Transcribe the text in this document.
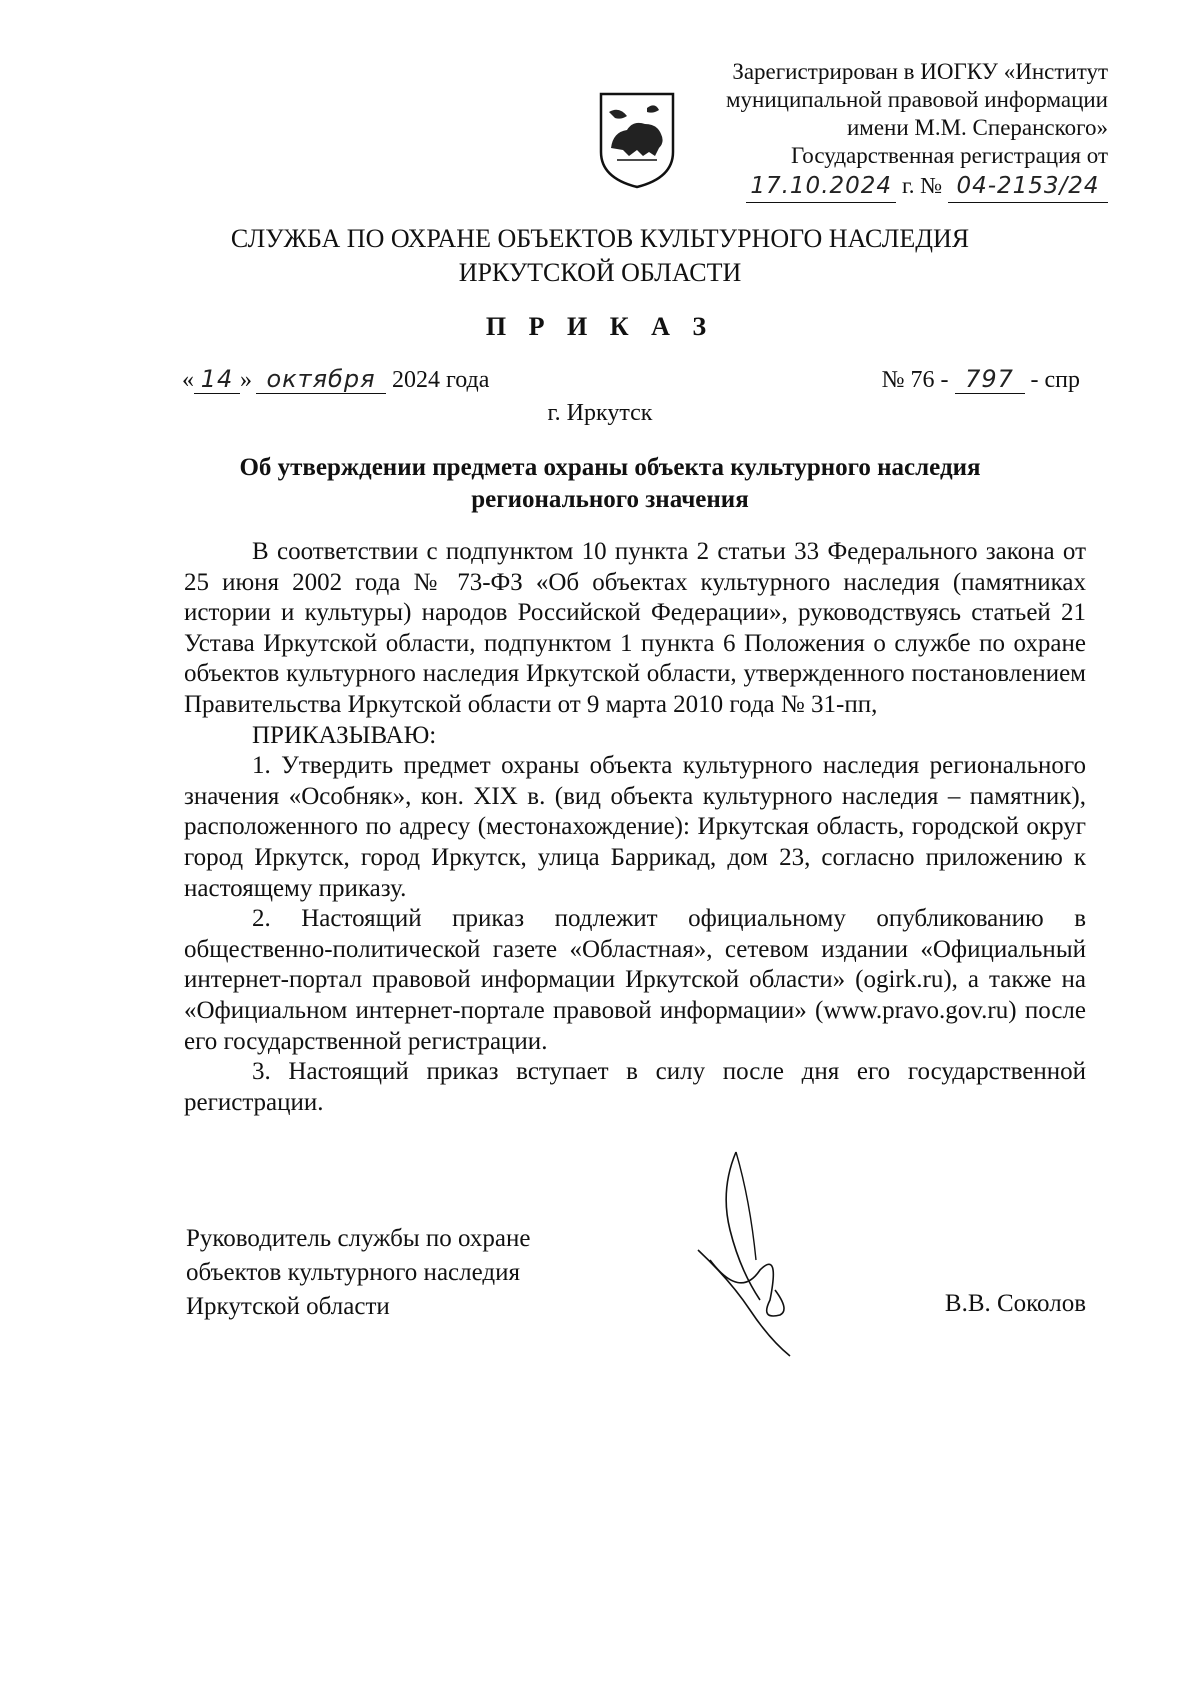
Зарегистрирован в ИОГКУ «Институт
муниципальной правовой информации
имени М.М. Сперанского»
Государственная регистрация от
17.10.2024 г. № 04-2153/24
СЛУЖБА ПО ОХРАНЕ ОБЪЕКТОВ КУЛЬТУРНОГО НАСЛЕДИЯ
ИРКУТСКОЙ ОБЛАСТИ
П Р И К А З
« 14 » октября 2024 года	№ 76 - 797 - спр
г. Иркутск
Об утверждении предмета охраны объекта культурного наследия
регионального значения

В соответствии с подпунктом 10 пункта 2 статьи 33 Федерального закона от 25 июня 2002 года № 73-ФЗ «Об объектах культурного наследия (памятниках истории и культуры) народов Российской Федерации», руководствуясь статьей 21 Устава Иркутской области, подпунктом 1 пункта 6 Положения о службе по охране объектов культурного наследия Иркутской области, утвержденного постановлением Правительства Иркутской области от 9 марта 2010 года № 31-пп,

ПРИКАЗЫВАЮ:

1. Утвердить предмет охраны объекта культурного наследия регионального значения «Особняк», кон. XIX в. (вид объекта культурного наследия – памятник), расположенного по адресу (местонахождение): Иркутская область, городской округ город Иркутск, город Иркутск, улица Баррикад, дом 23, согласно приложению к настоящему приказу.

2. Настоящий приказ подлежит официальному опубликованию в общественно-политической газете «Областная», сетевом издании «Официальный интернет-портал правовой информации Иркутской области» (ogirk.ru), а также на «Официальном интернет-портале правовой информации» (www.pravo.gov.ru) после его государственной регистрации.

3. Настоящий приказ вступает в силу после дня его государственной регистрации.

Руководитель службы по охране
объектов культурного наследия
Иркутской области	В.В. Соколов
